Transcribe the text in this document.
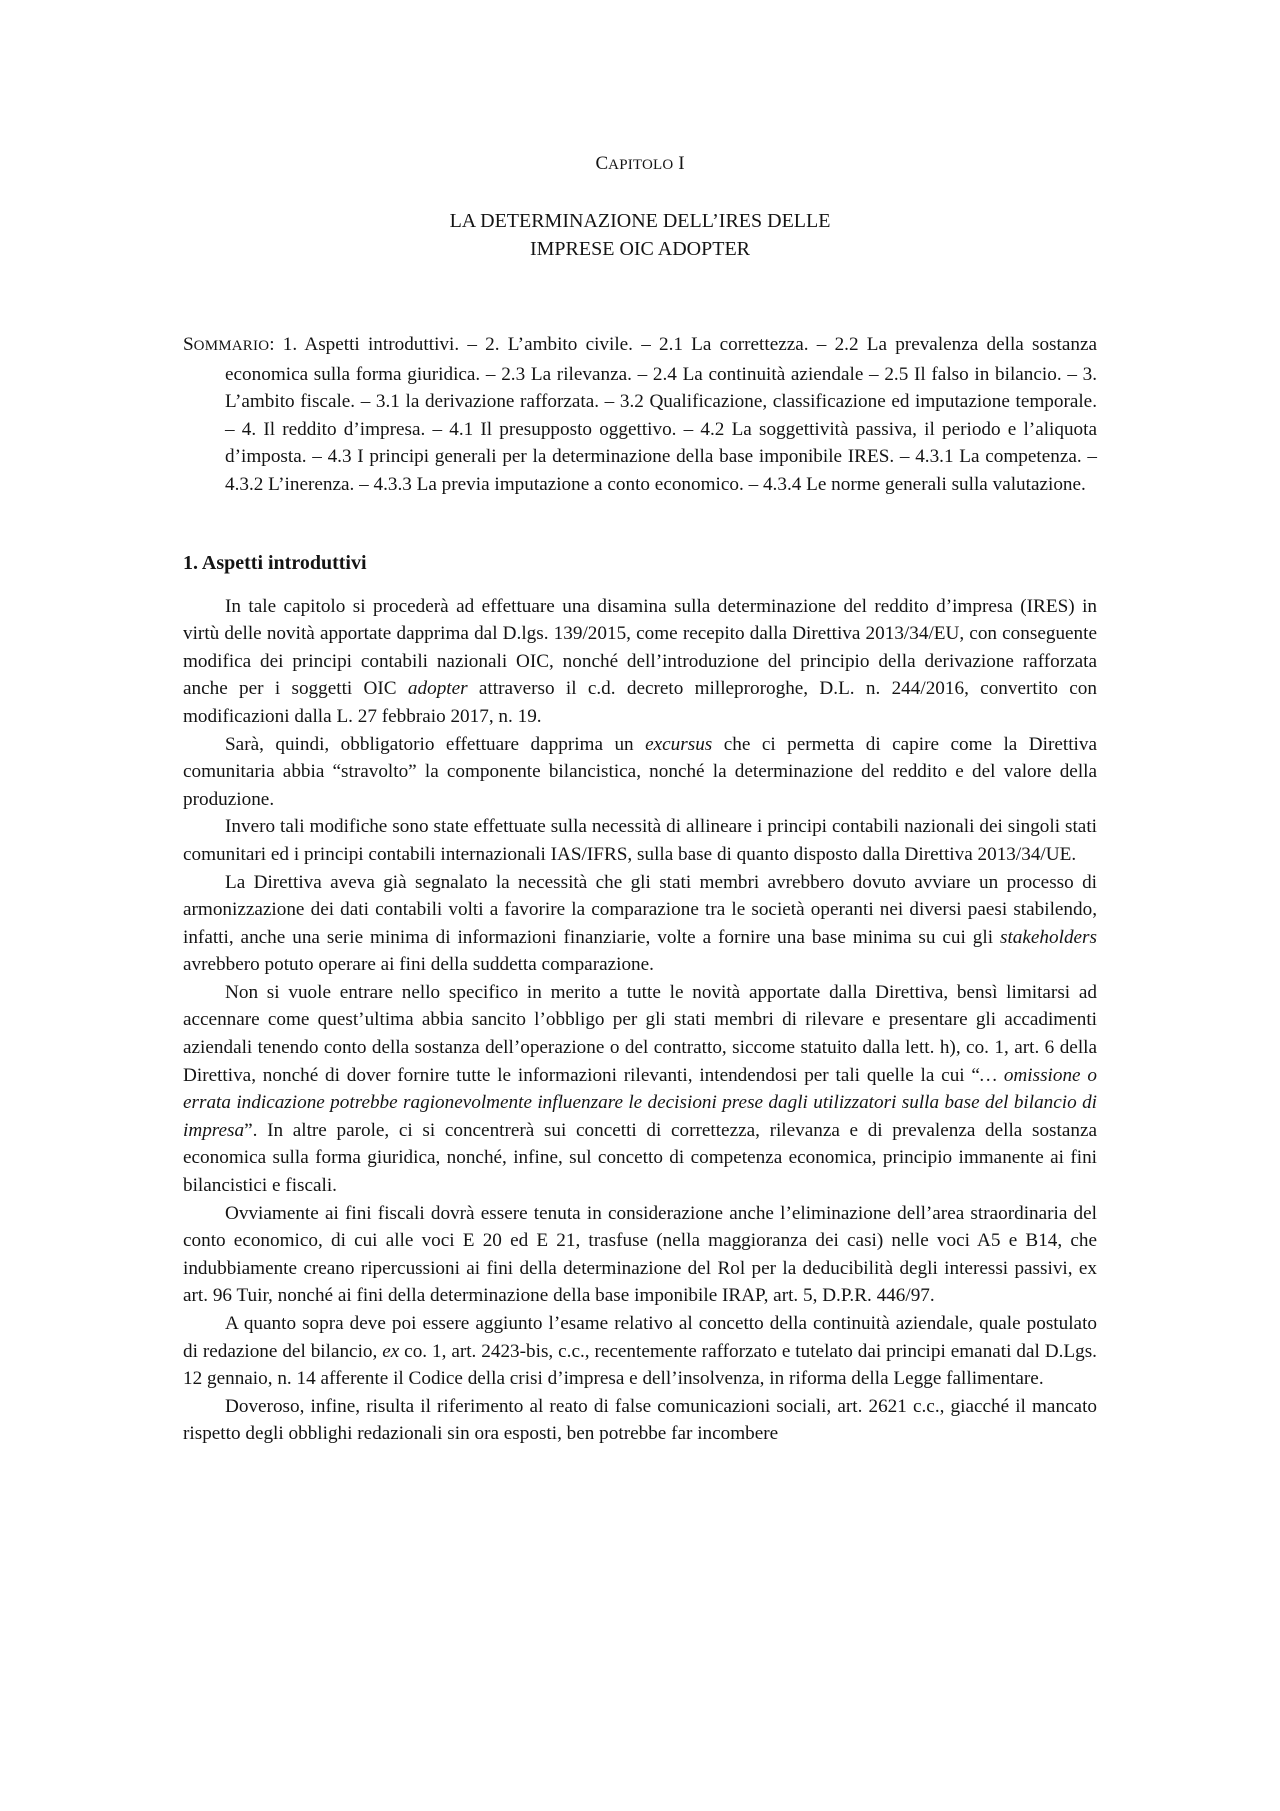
CAPITOLO I

LA DETERMINAZIONE DELL’IRES DELLE
IMPRESE OIC ADOPTER

SOMMARIO: 1. Aspetti introduttivi. – 2. L’ambito civile. – 2.1 La correttezza. – 2.2 La prevalenza della sostanza economica sulla forma giuridica. – 2.3 La rilevanza. – 2.4 La continuità aziendale – 2.5 Il falso in bilancio. – 3. L’ambito fiscale. – 3.1 la derivazione rafforzata. – 3.2 Qualificazione, classificazione ed imputazione temporale. – 4. Il reddito d’impresa. – 4.1 Il presupposto oggettivo. – 4.2 La soggettività passiva, il periodo e l’aliquota d’imposta. – 4.3 I principi generali per la determinazione della base imponibile IRES. – 4.3.1 La competenza. – 4.3.2 L’inerenza. – 4.3.3 La previa imputazione a conto economico. – 4.3.4 Le norme generali sulla valutazione.

1. Aspetti introduttivi

In tale capitolo si procederà ad effettuare una disamina sulla determinazione del reddito d’impresa (IRES) in virtù delle novità apportate dapprima dal D.lgs. 139/2015, come recepito dalla Direttiva 2013/34/EU, con conseguente modifica dei principi contabili nazionali OIC, nonché dell’introduzione del principio della derivazione rafforzata anche per i soggetti OIC adopter attraverso il c.d. decreto milleproroghe, D.L. n. 244/2016, convertito con modificazioni dalla L. 27 febbraio 2017, n. 19.

Sarà, quindi, obbligatorio effettuare dapprima un excursus che ci permetta di capire come la Direttiva comunitaria abbia “stravolto” la componente bilancistica, nonché la determinazione del reddito e del valore della produzione.

Invero tali modifiche sono state effettuate sulla necessità di allineare i principi contabili nazionali dei singoli stati comunitari ed i principi contabili internazionali IAS/IFRS, sulla base di quanto disposto dalla Direttiva 2013/34/UE.

La Direttiva aveva già segnalato la necessità che gli stati membri avrebbero dovuto avviare un processo di armonizzazione dei dati contabili volti a favorire la comparazione tra le società operanti nei diversi paesi stabilendo, infatti, anche una serie minima di informazioni finanziarie, volte a fornire una base minima su cui gli stakeholders avrebbero potuto operare ai fini della suddetta comparazione.

Non si vuole entrare nello specifico in merito a tutte le novità apportate dalla Direttiva, bensì limitarsi ad accennare come quest’ultima abbia sancito l’obbligo per gli stati membri di rilevare e presentare gli accadimenti aziendali tenendo conto della sostanza dell’operazione o del contratto, siccome statuito dalla lett. h), co. 1, art. 6 della Direttiva, nonché di dover fornire tutte le informazioni rilevanti, intendendosi per tali quelle la cui “… omissione o errata indicazione potrebbe ragionevolmente influenzare le decisioni prese dagli utilizzatori sulla base del bilancio di impresa”. In altre parole, ci si concentrerà sui concetti di correttezza, rilevanza e di prevalenza della sostanza economica sulla forma giuridica, nonché, infine, sul concetto di competenza economica, principio immanente ai fini bilancistici e fiscali.

Ovviamente ai fini fiscali dovrà essere tenuta in considerazione anche l’eliminazione dell’area straordinaria del conto economico, di cui alle voci E 20 ed E 21, trasfuse (nella maggioranza dei casi) nelle voci A5 e B14, che indubbiamente creano ripercussioni ai fini della determinazione del Rol per la deducibilità degli interessi passivi, ex art. 96 Tuir, nonché ai fini della determinazione della base imponibile IRAP, art. 5, D.P.R. 446/97.

A quanto sopra deve poi essere aggiunto l’esame relativo al concetto della continuità aziendale, quale postulato di redazione del bilancio, ex co. 1, art. 2423-bis, c.c., recentemente rafforzato e tutelato dai principi emanati dal D.Lgs. 12 gennaio, n. 14 afferente il Codice della crisi d’impresa e dell’insolvenza, in riforma della Legge fallimentare.

Doveroso, infine, risulta il riferimento al reato di false comunicazioni sociali, art. 2621 c.c., giacché il mancato rispetto degli obblighi redazionali sin ora esposti, ben potrebbe far incombere
